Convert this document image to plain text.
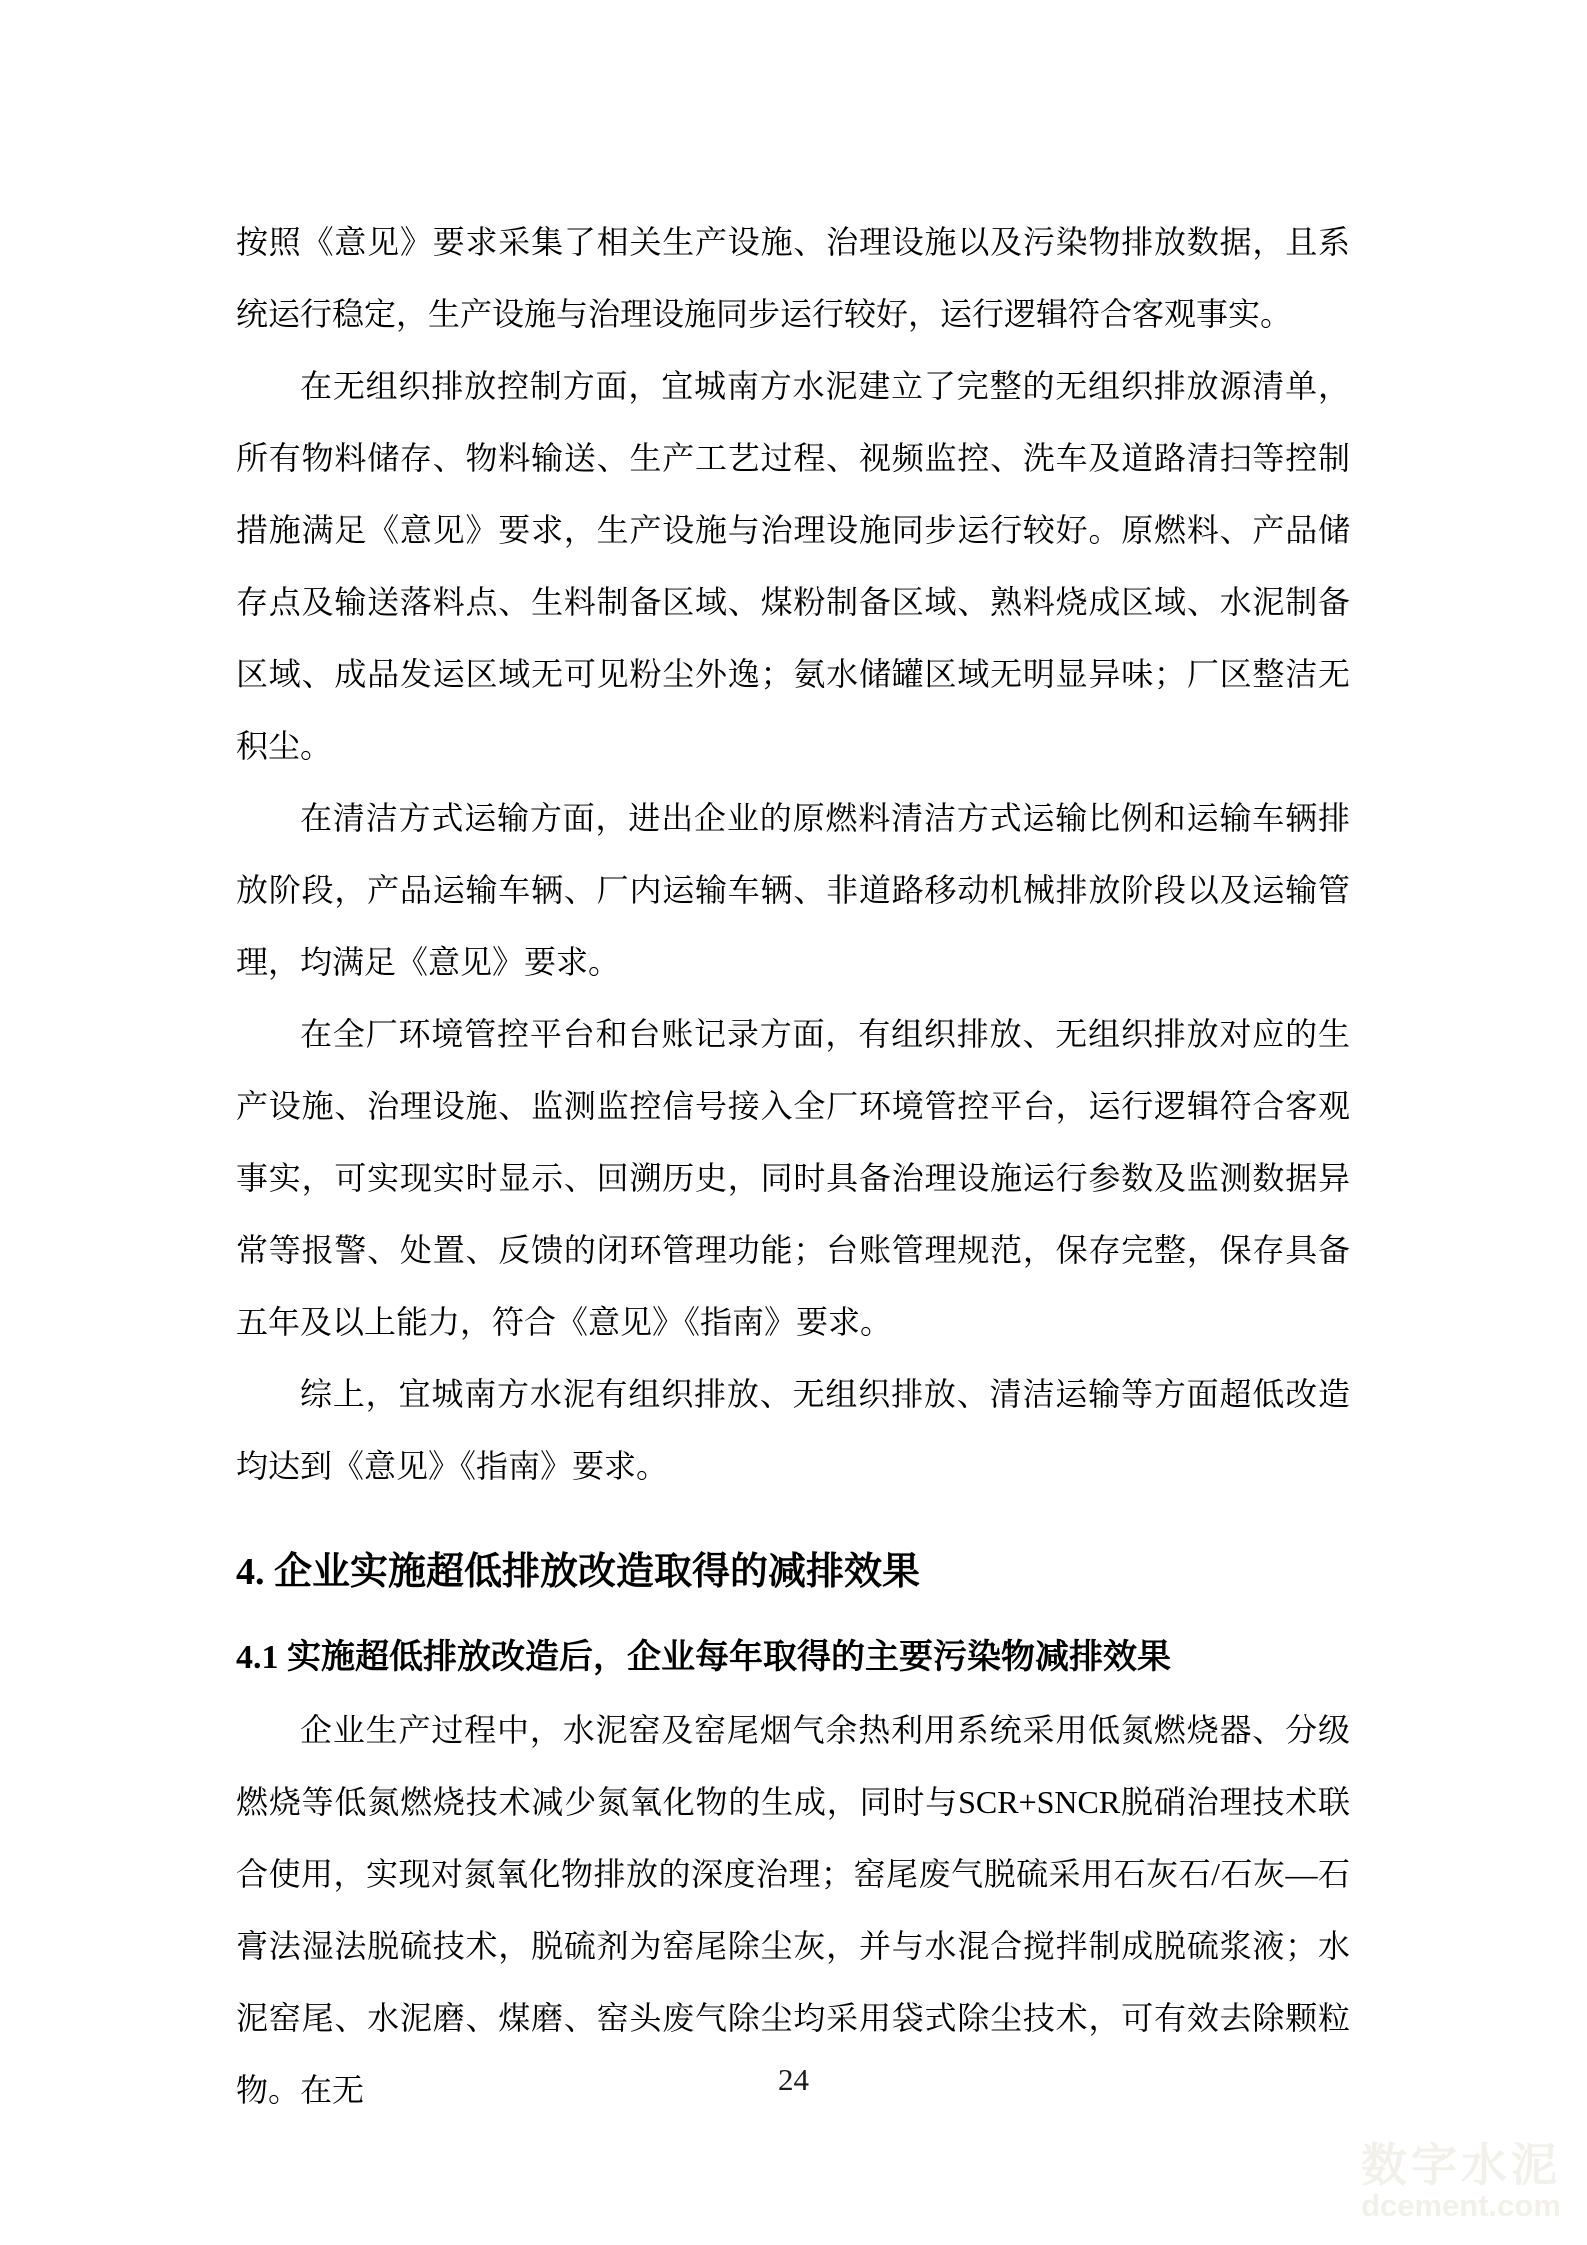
按照《意见》要求采集了相关生产设施、治理设施以及污染物排放数据，且系统运行稳定，生产设施与治理设施同步运行较好，运行逻辑符合客观事实。

在无组织排放控制方面，宜城南方水泥建立了完整的无组织排放源清单，所有物料储存、物料输送、生产工艺过程、视频监控、洗车及道路清扫等控制措施满足《意见》要求，生产设施与治理设施同步运行较好。原燃料、产品储存点及输送落料点、生料制备区域、煤粉制备区域、熟料烧成区域、水泥制备区域、成品发运区域无可见粉尘外逸；氨水储罐区域无明显异味；厂区整洁无积尘。

在清洁方式运输方面，进出企业的原燃料清洁方式运输比例和运输车辆排放阶段，产品运输车辆、厂内运输车辆、非道路移动机械排放阶段以及运输管理，均满足《意见》要求。

在全厂环境管控平台和台账记录方面，有组织排放、无组织排放对应的生产设施、治理设施、监测监控信号接入全厂环境管控平台，运行逻辑符合客观事实，可实现实时显示、回溯历史，同时具备治理设施运行参数及监测数据异常等报警、处置、反馈的闭环管理功能；台账管理规范，保存完整，保存具备五年及以上能力，符合《意见》《指南》要求。

综上，宜城南方水泥有组织排放、无组织排放、清洁运输等方面超低改造均达到《意见》《指南》要求。

4. 企业实施超低排放改造取得的减排效果
4.1 实施超低排放改造后，企业每年取得的主要污染物减排效果

企业生产过程中，水泥窑及窑尾烟气余热利用系统采用低氮燃烧器、分级燃烧等低氮燃烧技术减少氮氧化物的生成，同时与SCR+SNCR脱硝治理技术联合使用，实现对氮氧化物排放的深度治理；窑尾废气脱硫采用石灰石/石灰—石膏法湿法脱硫技术，脱硫剂为窑尾除尘灰，并与水混合搅拌制成脱硫浆液；水泥窑尾、水泥磨、煤磨、窑头废气除尘均采用袋式除尘技术，可有效去除颗粒物。在无	24
数字水泥
dcement.com
